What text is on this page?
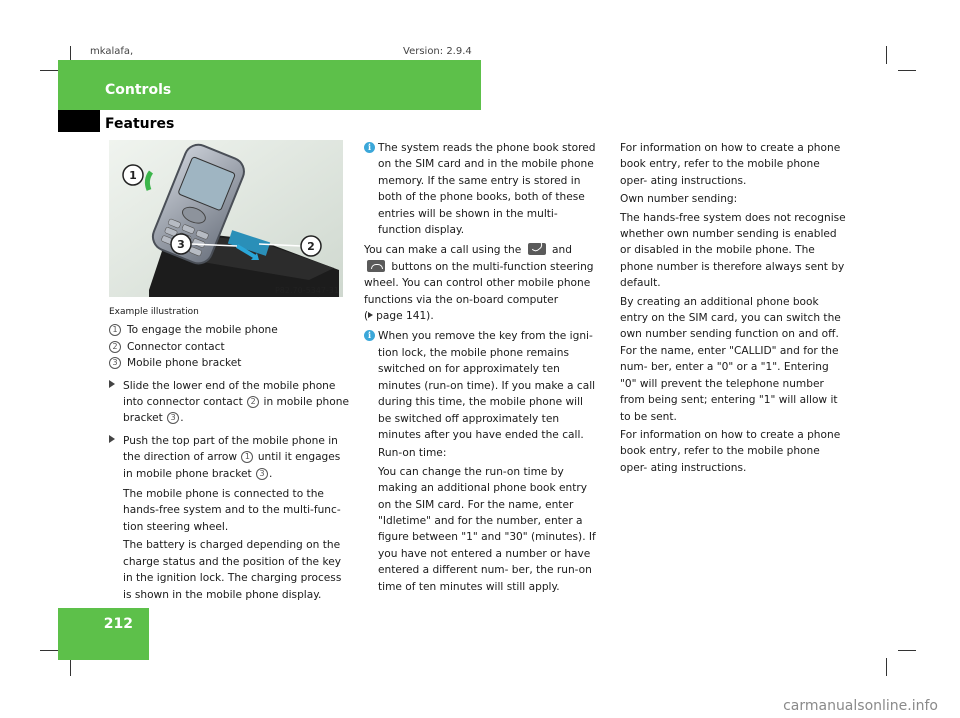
mkalafa,	Version: 2.9.4
Controls
Features
1
2
3
P82.70-5347-31
Example illustration
1 To engage the mobile phone
2 Connector contact
3 Mobile phone bracket
Slide the lower end of the mobile phone into connector contact 2 in mobile phone bracket 3 .
Push the top part of the mobile phone in the direction of arrow 1 until it engages in mobile phone bracket 3 .

The mobile phone is connected to the hands-free system and to the multi-func- tion steering wheel.

The battery is charged depending on the charge status and the position of the key in the ignition lock. The charging process is shown in the mobile phone display.

i The system reads the phone book stored on the SIM card and in the mobile phone memory. If the same entry is stored in both of the phone books, both of these entries will be shown in the multi-function display.

You can make a call using the	and
buttons on the multi-function steering wheel. You can control other mobile phone functions via the on-board computer
( page 141).

i When you remove the key from the igni- tion lock, the mobile phone remains switched on for approximately ten minutes (run-on time). If you make a call during this time, the mobile phone will be switched off approximately ten minutes after you have ended the call.

Run-on time:

You can change the run-on time by making an additional phone book entry on the SIM card. For the name, enter "Idletime" and for the number, enter a figure between "1" and "30" (minutes). If you have not entered a number or have entered a different num- ber, the run-on time of ten minutes will still apply.

For information on how to create a phone book entry, refer to the mobile phone oper- ating instructions.

Own number sending:

The hands-free system does not recognise whether own number sending is enabled or disabled in the mobile phone. The phone number is therefore always sent by default.

By creating an additional phone book entry on the SIM card, you can switch the own number sending function on and off. For the name, enter "CALLID" and for the num- ber, enter a "0" or a "1". Entering "0" will prevent the telephone number from being sent; entering "1" will allow it to be sent.

For information on how to create a phone book entry, refer to the mobile phone oper- ating instructions.

212
carmanualsonline.info
